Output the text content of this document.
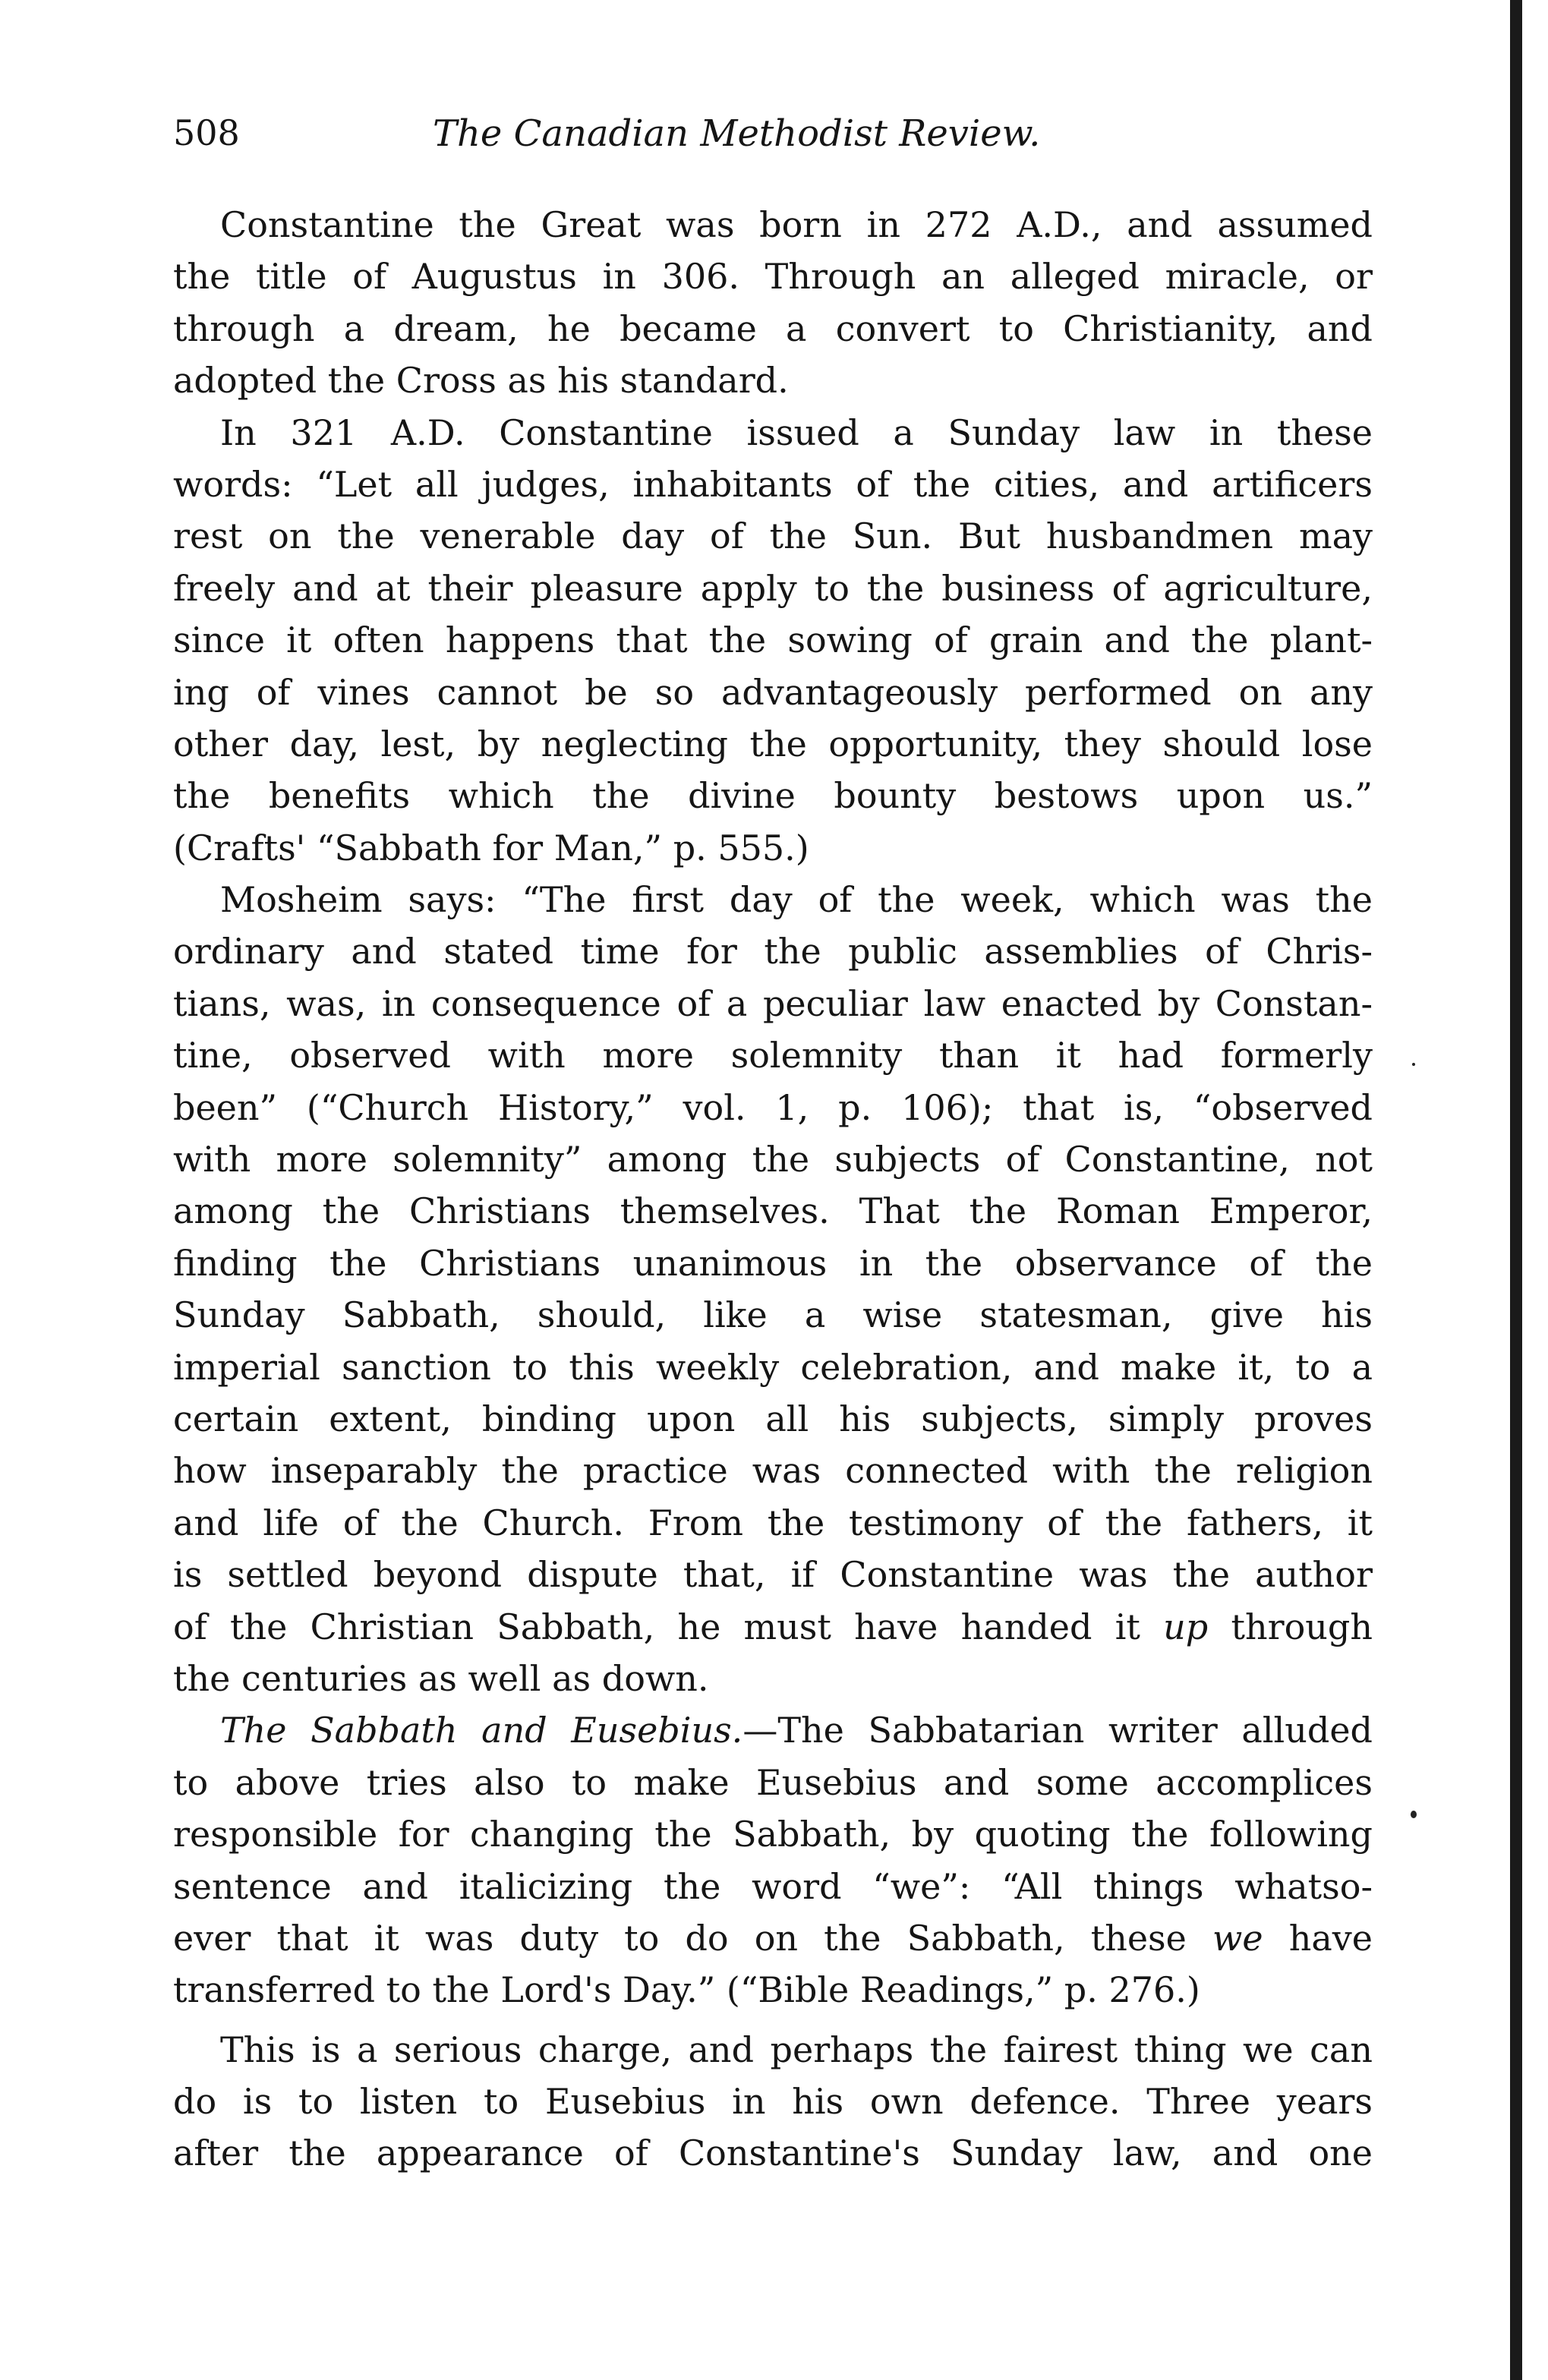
508	The Canadian Methodist Review.
Constantine the Great was born in 272 A.D., and assumed
the title of Augustus in 306. Through an alleged miracle, or
through a dream, he became a convert to Christianity, and
adopted the Cross as his standard.
In 321 A.D. Constantine issued a Sunday law in these
words: “Let all judges, inhabitants of the cities, and artificers
rest on the venerable day of the Sun. But husbandmen may
freely and at their pleasure apply to the business of agriculture,
since it often happens that the sowing of grain and the plant-
ing of vines cannot be so advantageously performed on any
other day, lest, by neglecting the opportunity, they should lose
the benefits which the divine bounty bestows upon us.”
(Crafts' “Sabbath for Man,” p. 555.)
Mosheim says: “The first day of the week, which was the
ordinary and stated time for the public assemblies of Chris-
tians, was, in consequence of a peculiar law enacted by Constan-
tine, observed with more solemnity than it had formerly
been” (“Church History,” vol. 1, p. 106); that is, “observed
with more solemnity” among the subjects of Constantine, not
among the Christians themselves. That the Roman Emperor,
finding the Christians unanimous in the observance of the
Sunday Sabbath, should, like a wise statesman, give his
imperial sanction to this weekly celebration, and make it, to a
certain extent, binding upon all his subjects, simply proves
how inseparably the practice was connected with the religion
and life of the Church. From the testimony of the fathers, it
is settled beyond dispute that, if Constantine was the author
of the Christian Sabbath, he must have handed it up through
the centuries as well as down.
The Sabbath and Eusebius.—The Sabbatarian writer alluded
to above tries also to make Eusebius and some accomplices
responsible for changing the Sabbath, by quoting the following
sentence and italicizing the word “we”: “All things whatso-
ever that it was duty to do on the Sabbath, these we have
transferred to the Lord's Day.” (“Bible Readings,” p. 276.)
This is a serious charge, and perhaps the fairest thing we can
do is to listen to Eusebius in his own defence. Three years
after the appearance of Constantine's Sunday law, and one
